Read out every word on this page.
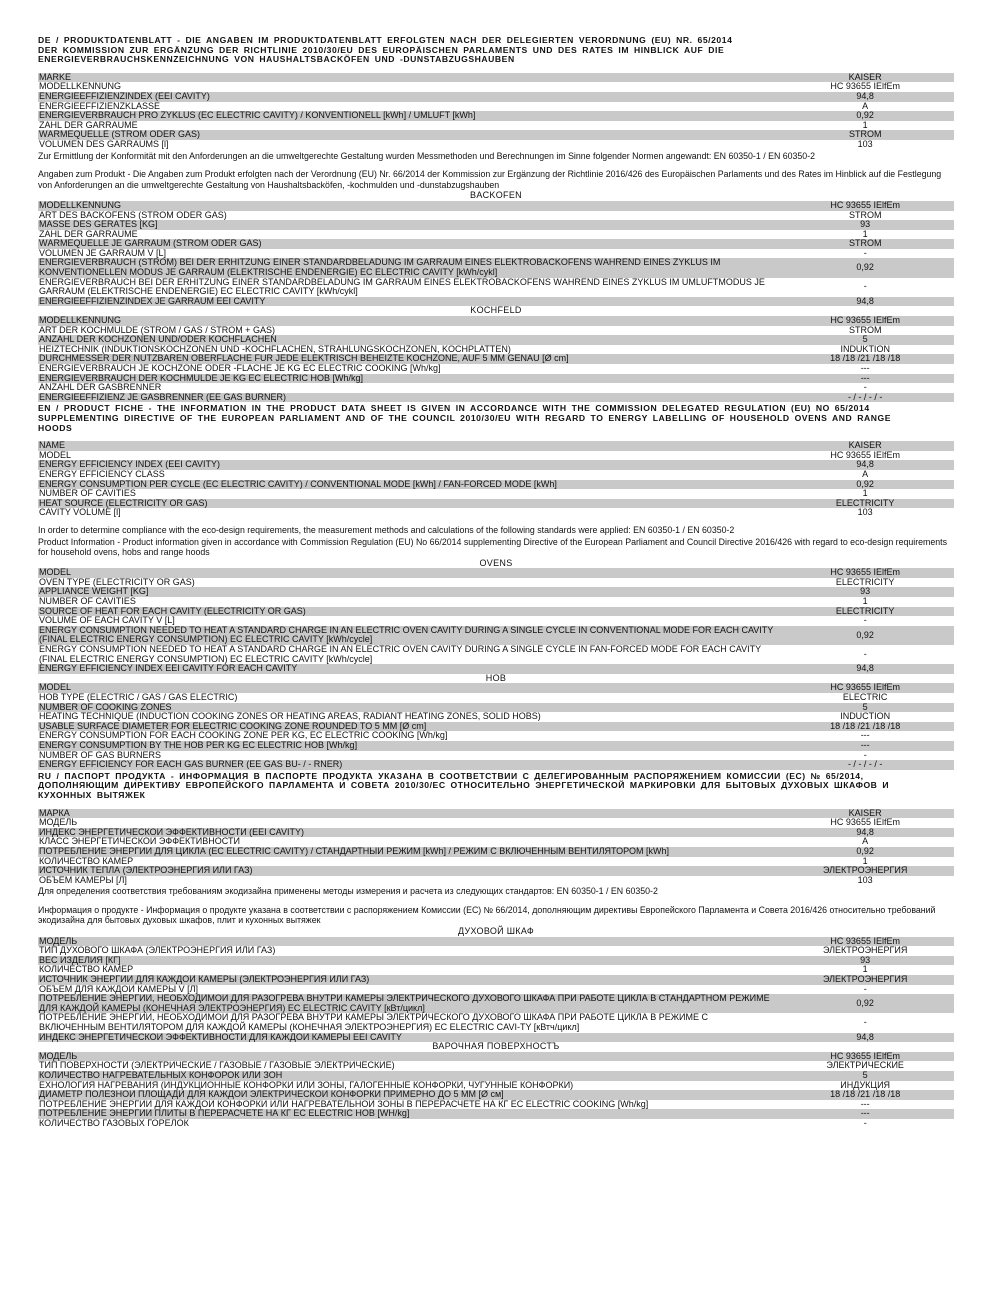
DE / PRODUKTDATENBLATT - DIE ANGABEN IM PRODUKTDATENBLATT ERFOLGTEN NACH DER DELEGIERTEN VERORDNUNG (EU) NR. 65/2014
DER KOMMISSION ZUR ERGÄNZUNG DER RICHTLINIE 2010/30/EU DES EUROPÄISCHEN PARLAMENTS UND DES RATES IM HINBLICK AUF DIE
ENERGIEVERBRAUCHSKENNZEICHNUNG VON HAUSHALTSBACKÖFEN UND -DUNSTABZUGSHAUBEN
MARKE	KAISER
MODELLKENNUNG	HC 93655 IElfEm
ENERGIEEFFIZIENZINDEX (EEI CAVITY)	94,8
ENERGIEEFFIZIENZKLASSE	A
ENERGIEVERBRAUCH PRO ZYKLUS (EC ELECTRIC CAVITY) / KONVENTIONELL [kWh] / UMLUFT [kWh]	0,92
ZAHL DER GARRÄUME	1
WÄRMEQUELLE (STROM ODER GAS)	STROM
VOLUMEN DES GARRAUMS [l]	103
Zur Ermittlung der Konformität mit den Anforderungen an die umweltgerechte Gestaltung wurden Messmethoden und Berechnungen im Sinne folgender Normen angewandt: EN 60350-1 / EN 60350-2
Angaben zum Produkt - Die Angaben zum Produkt erfolgten nach der Verordnung (EU) Nr. 66/2014 der Kommission zur Ergänzung der Richtlinie 2016/426 des Europäischen Parlaments und des Rates im Hinblick auf die Festlegung von Anforderungen an die umweltgerechte Gestaltung von Haushaltsbacköfen, -kochmulden und -dunstabzugshauben
BACKOFEN
MODELLKENNUNG	HC 93655 IElfEm
ART DES BACKOFENS (STROM ODER GAS)	STROM
MASSE DES GERÄTES [KG]	93
ZAHL DER GARRÄUME	1
WÄRMEQUELLE JE GARRAUM (STROM ODER GAS)	STROM
VOLUMEN JE GARRAUM V [L]	-
ENERGIEVERBRAUCH (STROM) BEI DER ERHITZUNG EINER STANDARDBELADUNG IM GARRAUM EINES ELEKTROBACKOFENS WÄHREND EINES ZYKLUS IM KONVENTIONELLEN MODUS JE GARRAUM (ELEKTRISCHE ENDENERGIE) EC ELECTRIC CAVITY [kWh/cykl]	0,92
ENERGIEVERBRAUCH BEI DER ERHITZUNG EINER STANDARDBELADUNG IM GARRAUM EINES ELEKTROBACKOFENS WÄHREND EINES ZYKLUS IM UMLUFTMODUS JE GARRAUM (ELEKTRISCHE ENDENERGIE) EC ELECTRIC CAVITY [kWh/cykl]	-
ENERGIEEFFIZIENZINDEX JE GARRAUM EEI CAVITY	94,8
KOCHFELD
MODELLKENNUNG	HC 93655 IElfEm
ART DER KOCHMULDE (STROM / GAS / STROM + GAS)	STROM
ANZAHL DER KOCHZONEN UND/ODER KOCHFLÄCHEN	5
HEIZTECHNIK (INDUKTIONSKOCHZONEN UND -KOCHFLÄCHEN, STRAHLUNGSKOCHZONEN, KOCHPLATTEN)	INDUKTION
DURCHMESSER DER NUTZBAREN OBERFLÄCHE FÜR JEDE ELEKTRISCH BEHEIZTE KOCHZONE, AUF 5 MM GENAU [Ø cm]	18 /18 /21 /18 /18
ENERGIEVERBRAUCH JE KOCHZONE ODER -FLÄCHE JE KG EC ELECTRIC COOKING [Wh/kg]	---
ENERGIEVERBRAUCH DER KOCHMULDE JE KG EC ELECTRIC HOB [Wh/kg]	---
ANZAHL DER GASBRENNER	-
ENERGIEEFFIZIENZ JE GASBRENNER (EE GAS BURNER)	- / - / - / -
EN / PRODUCT FICHE - THE INFORMATION IN THE PRODUCT DATA SHEET IS GIVEN IN ACCORDANCE WITH THE COMMISSION DELEGATED REGULATION (EU) NO 65/2014
SUPPLEMENTING DIRECTIVE OF THE EUROPEAN PARLIAMENT AND OF THE COUNCIL 2010/30/EU WITH REGARD TO ENERGY LABELLING OF HOUSEHOLD OVENS AND RANGE
HOODS
NAME	KAISER
MODEL	HC 93655 IElfEm
ENERGY EFFICIENCY INDEX (EEI CAVITY)	94,8
ENERGY EFFICIENCY CLASS	A
ENERGY CONSUMPTION PER CYCLE (EC ELECTRIC CAVITY) / CONVENTIONAL MODE [kWh] / FAN-FORCED MODE [kWh]	0,92
NUMBER OF CAVITIES	1
HEAT SOURCE (ELECTRICITY OR GAS)	ELECTRICITY
CAVITY VOLUME [l]	103
In order to determine compliance with the eco-design requirements, the measurement methods and calculations of the following standards were applied: EN 60350-1 / EN 60350-2
Product Information - Product information given in accordance with Commission Regulation (EU) No 66/2014 supplementing Directive of the European Parliament and Council Directive 2016/426 with regard to eco-design requirements for household ovens, hobs and range hoods
OVENS
MODEL	HC 93655 IElfEm
OVEN TYPE (ELECTRICITY OR GAS)	ELECTRICITY
APPLIANCE WEIGHT [KG]	93
NUMBER OF CAVITIES	1
SOURCE OF HEAT FOR EACH CAVITY (ELECTRICITY OR GAS)	ELECTRICITY
VOLUME OF EACH CAVITY V [L]	-
ENERGY CONSUMPTION NEEDED TO HEAT A STANDARD CHARGE IN AN ELECTRIC OVEN CAVITY DURING A SINGLE CYCLE IN CONVENTIONAL MODE FOR EACH CAVITY (FINAL ELECTRIC ENERGY CONSUMPTION) EC ELECTRIC CAVITY [kWh/cycle]	0,92
ENERGY CONSUMPTION NEEDED TO HEAT A STANDARD CHARGE IN AN ELECTRIC OVEN CAVITY DURING A SINGLE CYCLE IN FAN-FORCED MODE FOR EACH CAVITY (FINAL ELECTRIC ENERGY CONSUMPTION) EC ELECTRIC CAVITY [kWh/cycle]	-
ENERGY EFFICIENCY INDEX EEI CAVITY FOR EACH CAVITY	94,8
HOB
MODEL	HC 93655 IElfEm
HOB TYPE (ELECTRIC / GAS / GAS ELECTRIC)	ELECTRIC
NUMBER OF COOKING ZONES	5
HEATING TECHNIQUE (INDUCTION COOKING ZONES OR HEATING AREAS, RADIANT HEATING ZONES, SOLID HOBS)	INDUCTION
USABLE SURFACE DIAMETER FOR ELECTRIC COOKING ZONE ROUNDED TO 5 MM [Ø cm]	18 /18 /21 /18 /18
ENERGY CONSUMPTION FOR EACH COOKING ZONE PER KG, EC ELECTRIC COOKING [Wh/kg]	---
ENERGY CONSUMPTION BY THE HOB PER KG EC ELECTRIC HOB [Wh/kg]	---
NUMBER OF GAS BURNERS	-
ENERGY EFFICIENCY FOR EACH GAS BURNER (EE GAS BU- / - RNER)	- / - / - / -
RU / ПАСПОРТ ПРОДУКТА - ИНФОРМАЦИЯ В ПАСПОРТЕ ПРОДУКТА УКАЗАНА В СООТВЕТСТВИИ С ДЕЛЕГИРОВАННЫМ РАСПОРЯЖЕНИЕМ КОМИССИИ (ЕС) № 65/2014,
ДОПОЛНЯЮЩИМ ДИРЕКТИВУ ЕВРОПЕЙСКОГО ПАРЛАМЕНТА И СОВЕТА 2010/30/ЕС ОТНОСИТЕЛЬНО ЭНЕРГЕТИЧЕСКОЙ МАРКИРОВКИ ДЛЯ БЫТОВЫХ ДУХОВЫХ ШКАФОВ И
КУХОННЫХ ВЫТЯЖЕК
МАРКА	KAISER
МОДЕЛЬ	HC 93655 IElfEm
ИНДЕКС ЭНЕРГЕТИЧЕСКОЙ ЭФФЕКТИВНОСТИ (EEI CAVITY)	94,8
КЛАСС ЭНЕРГЕТИЧЕСКОЙ ЭФФЕКТИВНОСТИ	A
ПОТРЕБЛЕНИЕ ЭНЕРГИИ ДЛЯ ЦИКЛА (EC ELECTRIC CAVITY) / СТАНДАРТНЫЙ РЕЖИМ [kWh] / РЕЖИМ С ВКЛЮЧЕННЫМ ВЕНТИЛЯТОРОМ [kWh]	0,92
КОЛИЧЕСТВО КАМЕР	1
ИСТОЧНИК ТЕПЛА (ЭЛЕКТРОЭНЕРГИЯ ИЛИ ГАЗ)	ЭЛЕКТРОЭНЕРГИЯ
ОБЪЕМ КАМЕРЫ [Л]	103
Для определения соответствия требованиям экодизайна применены методы измерения и расчета из следующих стандартов: EN 60350-1 / EN 60350-2
Информация о продукте - Информация о продукте указана в соответствии с распоряжением Комиссии (ЕС) № 66/2014, дополняющим директивы Европейского Парламента и Совета 2016/426 относительно требований экодизайна для бытовых духовых шкафов, плит и кухонных вытяжек
ДУХОВОЙ ШКАФ
МОДЕЛЬ	HC 93655 IElfEm
ТИП ДУХОВОГО ШКАФА (ЭЛЕКТРОЭНЕРГИЯ ИЛИ ГАЗ)	ЭЛЕКТРОЭНЕРГИЯ
ВЕС ИЗДЕЛИЯ [КГ]	93
КОЛИЧЕСТВО КАМЕР	1
ИСТОЧНИК ЭНЕРГИИ ДЛЯ КАЖДОЙ КАМЕРЫ (ЭЛЕКТРОЭНЕРГИЯ ИЛИ ГАЗ)	ЭЛЕКТРОЭНЕРГИЯ
ОБЪЕМ ДЛЯ КАЖДОЙ КАМЕРЫ V [Л]	-
ПОТРЕБЛЕНИЕ ЭНЕРГИИ, НЕОБХОДИМОЙ ДЛЯ РАЗОГРЕВА ВНУТРИ КАМЕРЫ ЭЛЕКТРИЧЕСКОГО ДУХОВОГО ШКАФА ПРИ РАБОТЕ ЦИКЛА В СТАНДАРТНОМ РЕЖИМЕ ДЛЯ КАЖДОЙ КАМЕРЫ (КОНЕЧНАЯ ЭЛЕКТРОЭНЕРГИЯ) EC ELECTRIC CAVITY [кВт/цикл]	0,92
ПОТРЕБЛЕНИЕ ЭНЕРГИИ, НЕОБХОДИМОЙ ДЛЯ РАЗОГРЕВА ВНУТРИ КАМЕРЫ ЭЛЕКТРИЧЕСКОГО ДУХОВОГО ШКАФА ПРИ РАБОТЕ ЦИКЛА В РЕЖИМЕ С ВКЛЮЧЕННЫМ ВЕНТИЛЯТОРОМ ДЛЯ КАЖДОЙ КАМЕРЫ (КОНЕЧНАЯ ЭЛЕКТРОЭНЕРГИЯ) EC ELECTRIC CAVI-TY [кВтч/цикл]	-
ИНДЕКС ЭНЕРГЕТИЧЕСКОЙ ЭФФЕКТИВНОСТИ ДЛЯ КАЖДОЙ КАМЕРЫ EEI CAVITY	94,8
ВАРОЧНАЯ ПОВЕРХНОСТЪ
МОДЕЛЬ	HC 93655 IElfEm
ТИП ПОВЕРХНОСТИ (ЭЛЕКТРИЧЕСКИЕ / ГАЗОВЫЕ / ГАЗОВЫЕ ЭЛЕКТРИЧЕСКИЕ)	ЭЛЕКТРИЧЕСКИЕ
КОЛИЧЕСТВО НАГРЕВАТЕЛЬНЫХ КОНФОРОК ИЛИ ЗОН	5
ЕХНОЛОГИЯ НАГРЕВАНИЯ (ИНДУКЦИОННЫЕ КОНФОРКИ ИЛИ ЗОНЫ, ГАЛОГЕННЫЕ КОНФОРКИ, ЧУГУННЫЕ КОНФОРКИ)	ИНДУКЦИЯ
ДИАМЕТР ПОЛЕЗНОЙ ПЛОЩАДИ ДЛЯ КАЖДОЙ ЭЛЕКТРИЧЕСКОЙ КОНФОРКИ ПРИМЕРНО ДО 5 ММ [Ø см]	18 /18 /21 /18 /18
ПОТРЕБЛЕНИЕ ЭНЕРГИИ ДЛЯ КАЖДОЙ КОНФОРКИ ИЛИ НАГРЕВАТЕЛЬНОЙ ЗОНЫ В ПЕРЕРАСЧЕТЕ НА КГ EC ELECTRIC COOKING [Wh/kg]	---
ПОТРЕБЛЕНИЕ ЭНЕРГИИ ПЛИТЫ В ПЕРЕРАСЧЕТЕ НА КГ EC ELECTRIC HOB [WH/kg]	---
КОЛИЧЕСТВО ГАЗОВЫХ ГОРЕЛОК	-
